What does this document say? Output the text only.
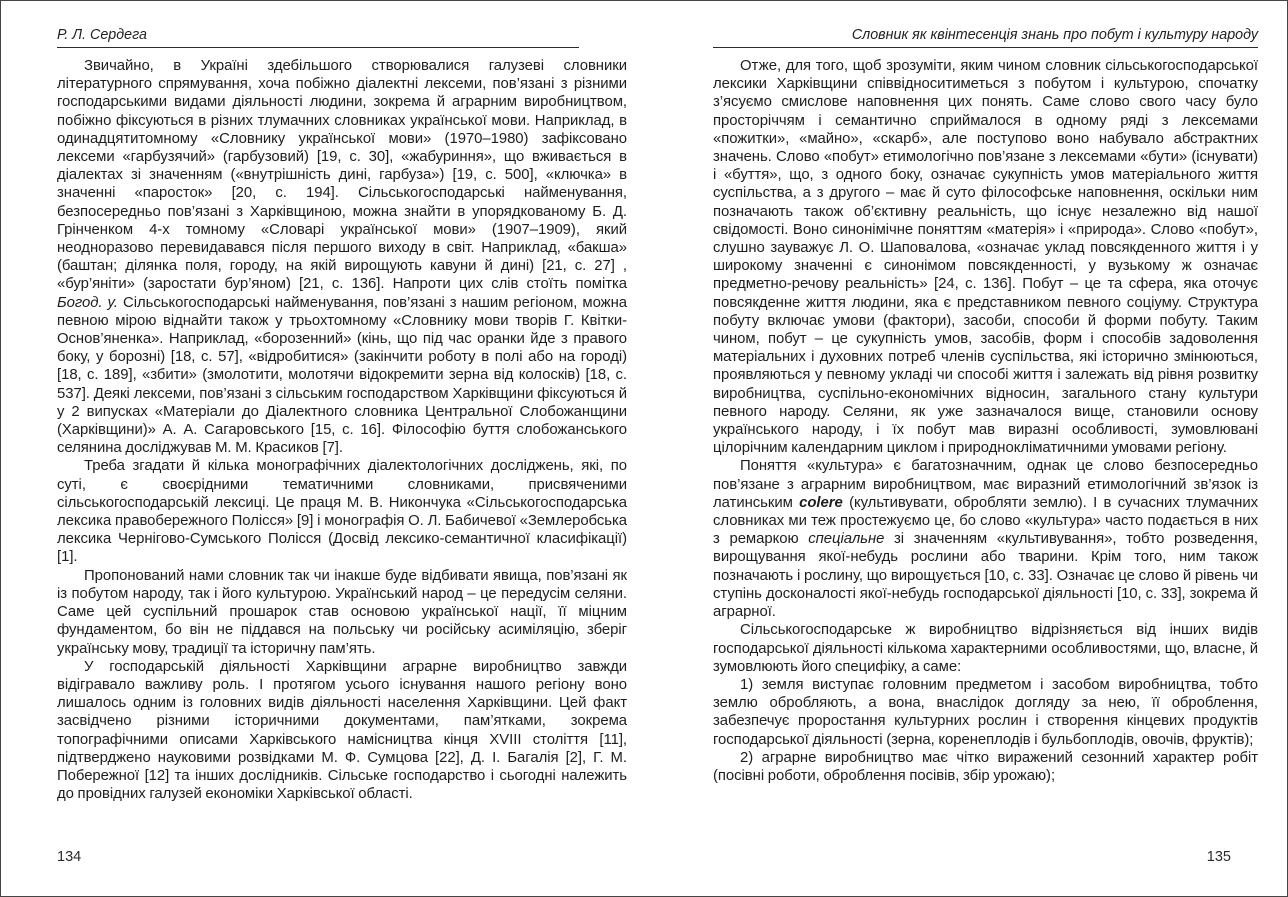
Р. Л. Сердега

Звичайно, в Україні здебільшого створювалися галузеві словники літературного спрямування, хоча побіжно діалектні лексеми, пов’язані з різними господарськими видами діяльності людини, зокрема й аграрним виробництвом, побіжно фіксуються в різних тлумачних словниках української мови. Наприклад, в одинадцятитомному «Словнику української мови» (1970–1980) зафіксовано лексеми «гарбузячий» (гарбузовий) [19, с. 30], «жабуриння», що вживається в діалектах зі значенням («внутрішність дині, гарбуза») [19, с. 500], «ключка» в значенні «паросток» [20, с. 194]. Сільськогосподарські найменування, безпосередньо пов’язані з Харківщиною, можна знайти в упорядкованому Б. Д. Грінченком 4-х томному «Словарі української мови» (1907–1909), який неодноразово перевидавався після першого виходу в світ. Наприклад, «бакша» (баштан; ділянка поля, городу, на якій вирощують кавуни й дині) [21, с. 27] , «бур’яніти» (заростати бур’яном) [21, с. 136]. Напроти цих слів стоїть помітка Богод. у. Сільськогосподарські найменування, пов’язані з нашим регіоном, можна певною мірою віднайти також у трьохтомному «Словнику мови творів Г. Квітки-Основ’яненка». Наприклад, «борозенний» (кінь, що під час оранки йде з правого боку, у борозні) [18, с. 57], «відробитися» (закінчити роботу в полі або на городі) [18, с. 189], «збити» (змолотити, молотячи відокремити зерна від колосків) [18, с. 537]. Деякі лексеми, пов’язані з сільським господарством Харківщини фіксуються й у 2 випусках «Матеріали до Діалектного словника Центральної Слобожанщини (Харківщини)» А. А. Сагаровського [15, с. 16]. Філософію буття слобожанського селянина досліджував М. М. Красиков [7].

Треба згадати й кілька монографічних діалектологічних досліджень, які, по суті, є своєрідними тематичними словниками, присвяченими сільськогосподарській лексиці. Це праця М. В. Никончука «Сільськогосподарська лексика правобережного Полісся» [9] і монографія О. Л. Бабичевої «Землеробська лексика Чернігово-Сумського Полісся (Досвід лексико-семантичної класифікації) [1].

Пропонований нами словник так чи інакше буде відбивати явища, пов’язані як із побутом народу, так і його культурою. Український народ – це передусім селяни. Саме цей суспільний прошарок став основою української нації, її міцним фундаментом, бо він не піддався на польську чи російську асиміляцію, зберіг українську мову, традиції та історичну пам’ять.

У господарській діяльності Харківщини аграрне виробництво завжди відігравало важливу роль. І протягом усього існування нашого регіону воно лишалось одним із головних видів діяльності населення Харківщини. Цей факт засвідчено різними історичними документами, пам’ятками, зокрема топографічними описами Харківського намісництва кінця XVIII століття [11], підтверджено науковими розвідками М. Ф. Сумцова [22], Д. І. Багалія [2], Г. М. Побережної [12] та інших дослідників. Сільське господарство і сьогодні належить до провідних галузей економіки Харківської області.

Словник як квінтесенція знань про побут і культуру народу

Отже, для того, щоб зрозуміти, яким чином словник сільськогосподарської лексики Харківщини співвідноситиметься з побутом і культурою, спочатку з’ясуємо смислове наповнення цих понять. Саме слово свого часу було просторіччям і семантично сприймалося в одному ряді з лексемами «пожитки», «майно», «скарб», але поступово воно набувало абстрактних значень. Слово «побут» етимологічно пов’язане з лексемами «бути» (існувати) і «буття», що, з одного боку, означає сукупність умов матеріального життя суспільства, а з другого – має й суто філософське наповнення, оскільки ним позначають також об’єктивну реальність, що існує незалежно від нашої свідомості. Воно синонімічне поняттям «матерія» і «природа». Слово «побут», слушно зауважує Л. О. Шаповалова, «означає уклад повсякденного життя і у широкому значенні є синонімом повсякденності, у вузькому ж означає предметно-речову реальність» [24, с. 136]. Побут – це та сфера, яка оточує повсякденне життя людини, яка є представником певного соціуму. Структура побуту включає умови (фактори), засоби, способи й форми побуту. Таким чином, побут – це сукупність умов, засобів, форм і способів задоволення матеріальних і духовних потреб членів суспільства, які історично змінюються, проявляються у певному укладі чи способі життя і залежать від рівня розвитку виробництва, суспільно-економічних відносин, загального стану культури певного народу. Селяни, як уже зазначалося вище, становили основу українського народу, і їх побут мав виразні особливості, зумовлювані цілорічним календарним циклом і природнокліматичними умовами регіону.

Поняття «культура» є багатозначним, однак це слово безпосередньо пов’язане з аграрним виробництвом, має виразний етимологічний зв’язок із латинським colere (культивувати, обробляти землю). І в сучасних тлумачних словниках ми теж простежуємо це, бо слово «культура» часто подається в них з ремаркою спеціальне зі значенням «культивування», тобто розведення, вирощування якої-небудь рослини або тварини. Крім того, ним також позначають і рослину, що вирощується [10, с. 33]. Означає це слово й рівень чи ступінь досконалості якої-небудь господарської діяльності [10, с. 33], зокрема й аграрної.

Сільськогосподарське ж виробництво відрізняється від інших видів господарської діяльності кількома характерними особливостями, що, власне, й зумовлюють його специфіку, а саме:

1) земля виступає головним предметом і засобом виробництва, тобто землю обробляють, а вона, внаслідок догляду за нею, її оброблення, забезпечує проростання культурних рослин і створення кінцевих продуктів господарської діяльності (зерна, коренеплодів і бульбоплодів, овочів, фруктів);

2) аграрне виробництво має чітко виражений сезонний характер робіт (посівні роботи, оброблення посівів, збір урожаю);

134	135
